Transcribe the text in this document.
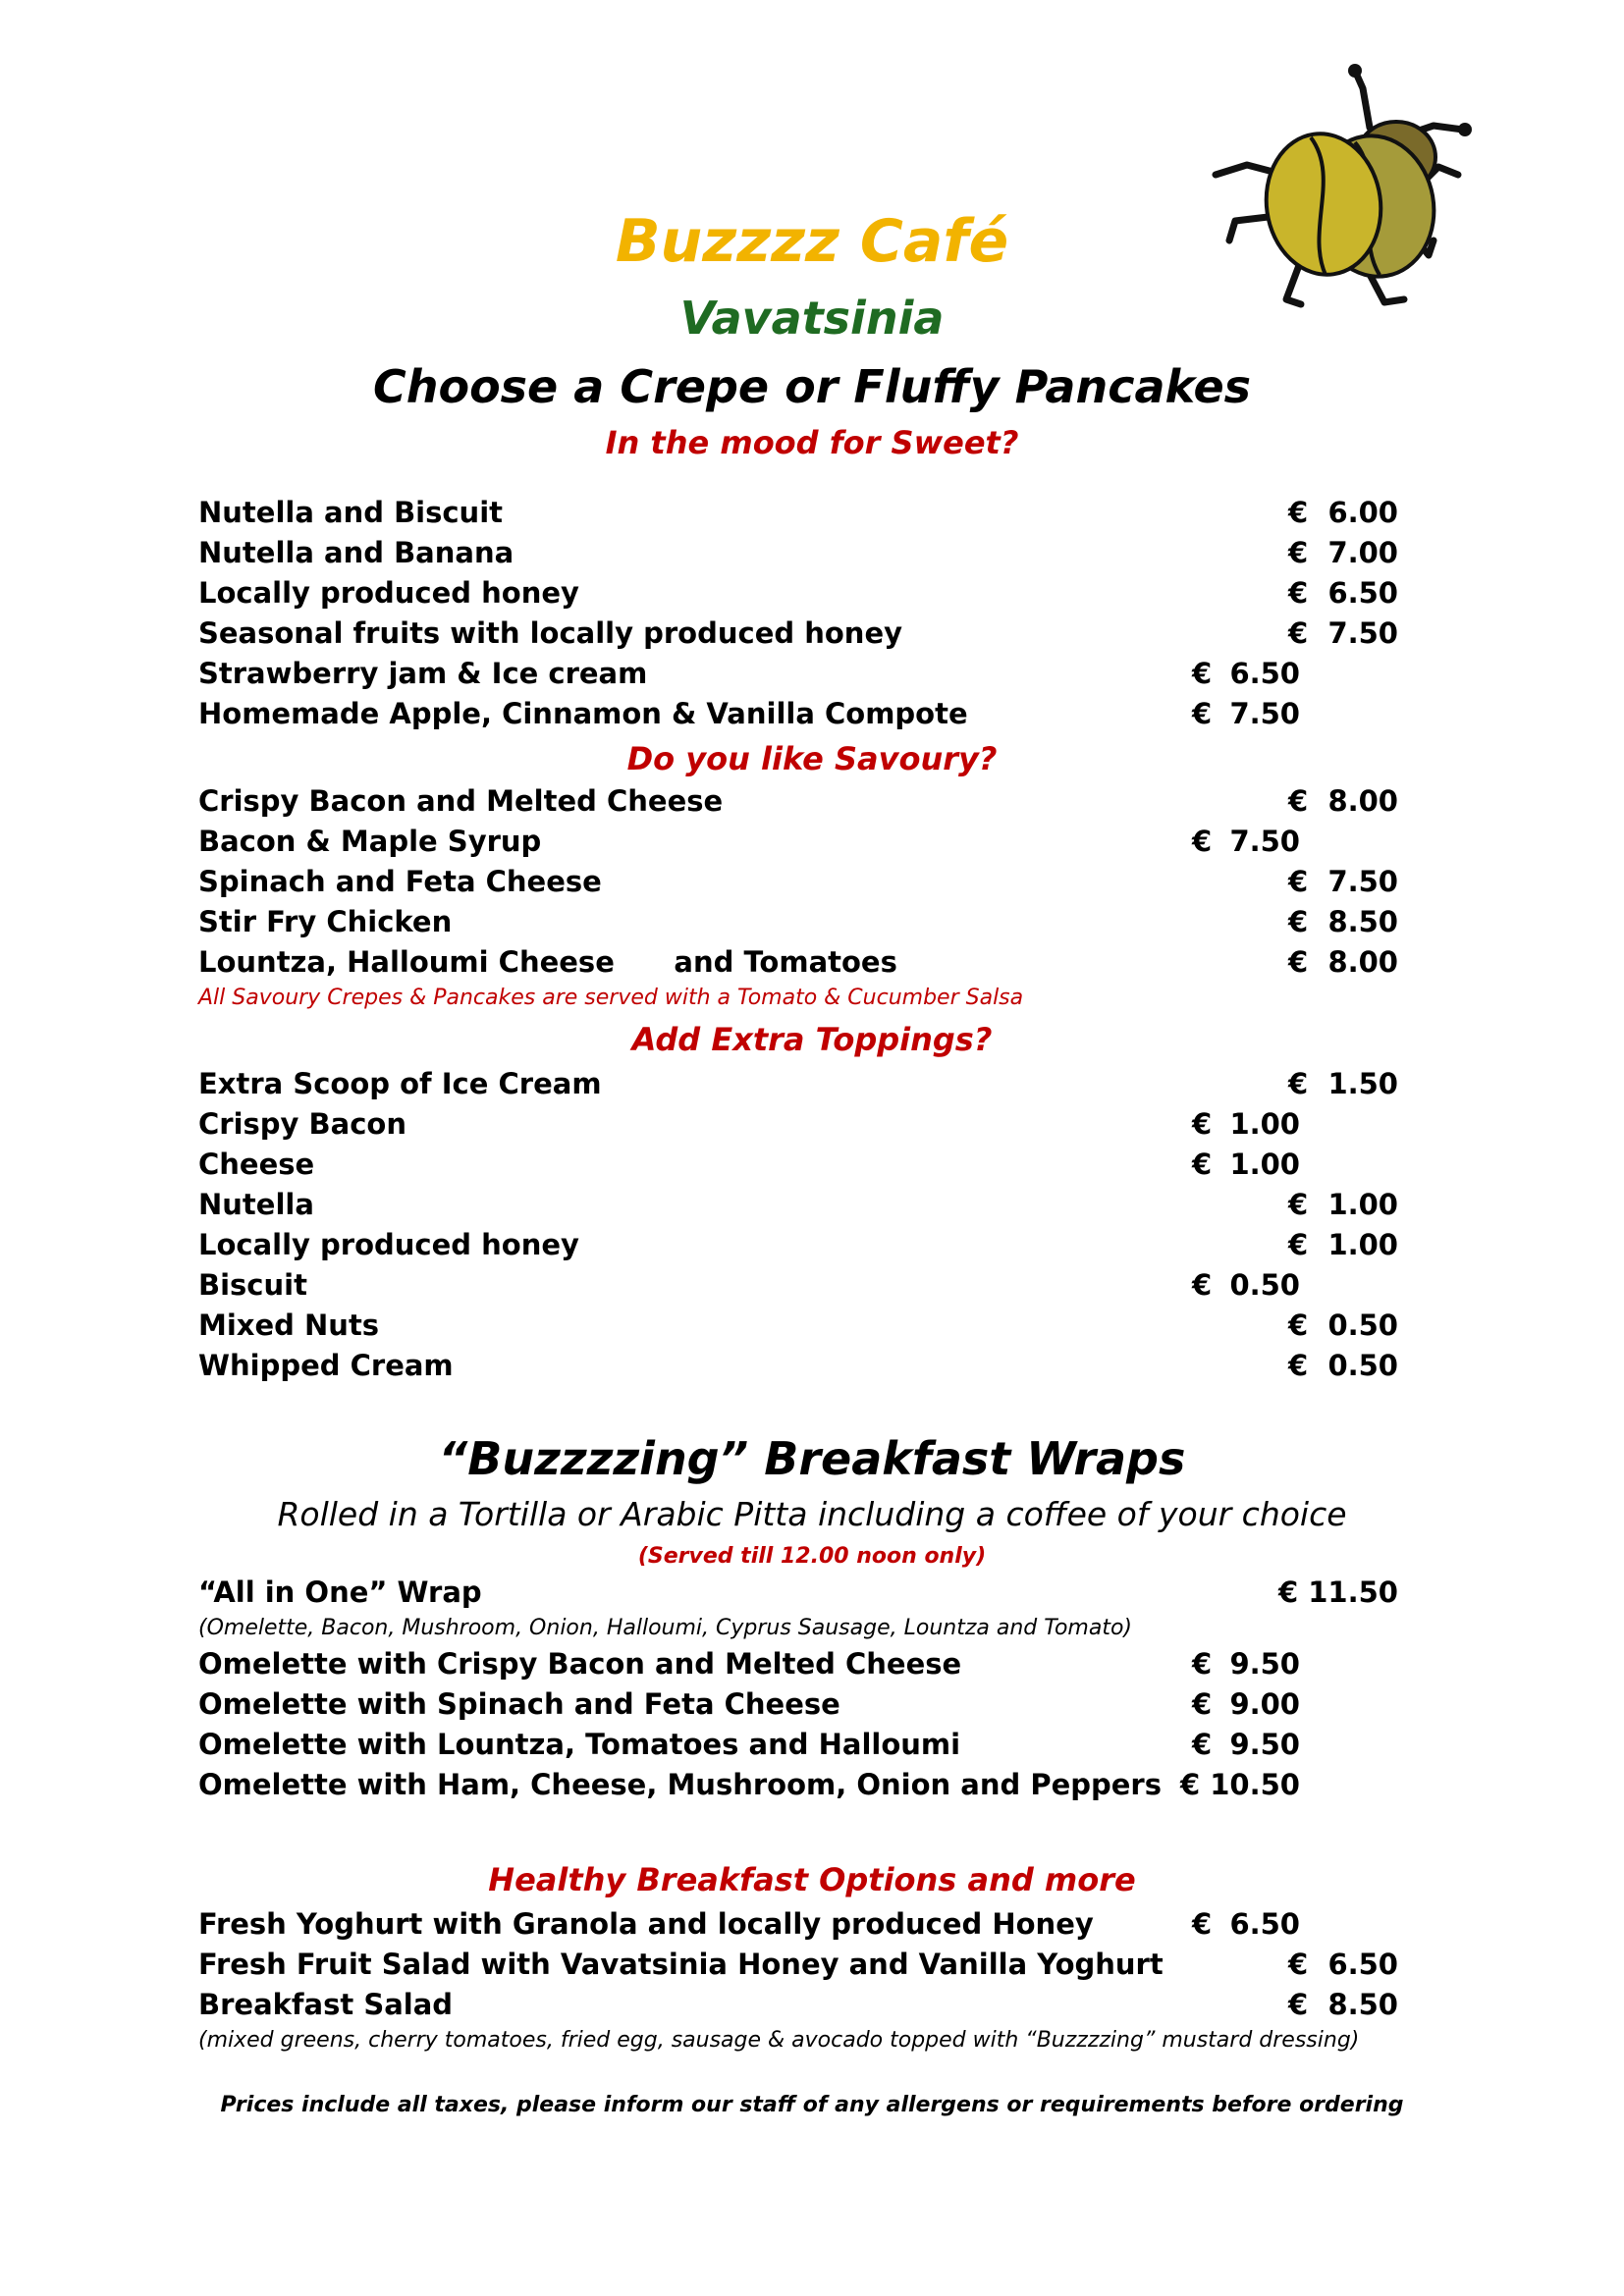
Buzzzz Café
Vavatsinia
Choose a Crepe or Fluffy Pancakes
In the mood for Sweet?
Nutella and Biscuit	€ 6.00
Nutella and Banana	€ 7.00
Locally produced honey	€ 6.50
Seasonal fruits with locally produced honey	€ 7.50
Strawberry jam & Ice cream	€ 6.50
Homemade Apple, Cinnamon & Vanilla Compote	€ 7.50
Do you like Savoury?
Crispy Bacon and Melted Cheese	€ 8.00
Bacon & Maple Syrup	€ 7.50
Spinach and Feta Cheese	€ 7.50
Stir Fry Chicken	€ 8.50
Lountza, Halloumi Cheese      and Tomatoes	€ 8.00
All Savoury Crepes & Pancakes are served with a Tomato & Cucumber Salsa
Add Extra Toppings?
Extra Scoop of Ice Cream	€ 1.50
Crispy Bacon	€ 1.00
Cheese	€ 1.00
Nutella	€ 1.00
Locally produced honey	€ 1.00
Biscuit	€ 0.50
Mixed Nuts	€ 0.50
Whipped Cream	€ 0.50
“Buzzzzing” Breakfast Wraps
Rolled in a Tortilla or Arabic Pitta including a coffee of your choice
(Served till 12.00 noon only)
“All in One” Wrap	€ 11.50
(Omelette, Bacon, Mushroom, Onion, Halloumi, Cyprus Sausage, Lountza and Tomato)
Omelette with Crispy Bacon and Melted Cheese	€ 9.50
Omelette with Spinach and Feta Cheese	€ 9.00
Omelette with Lountza, Tomatoes and Halloumi	€ 9.50
Omelette with Ham, Cheese, Mushroom, Onion and Peppers € 10.50
Healthy Breakfast Options and more
Fresh Yoghurt with Granola and locally produced Honey	€ 6.50
Fresh Fruit Salad with Vavatsinia Honey and Vanilla Yoghurt	€ 6.50
Breakfast Salad	€ 8.50
(mixed greens, cherry tomatoes, fried egg, sausage & avocado topped with “Buzzzzing” mustard dressing)
Prices include all taxes, please inform our staff of any allergens or requirements before ordering
